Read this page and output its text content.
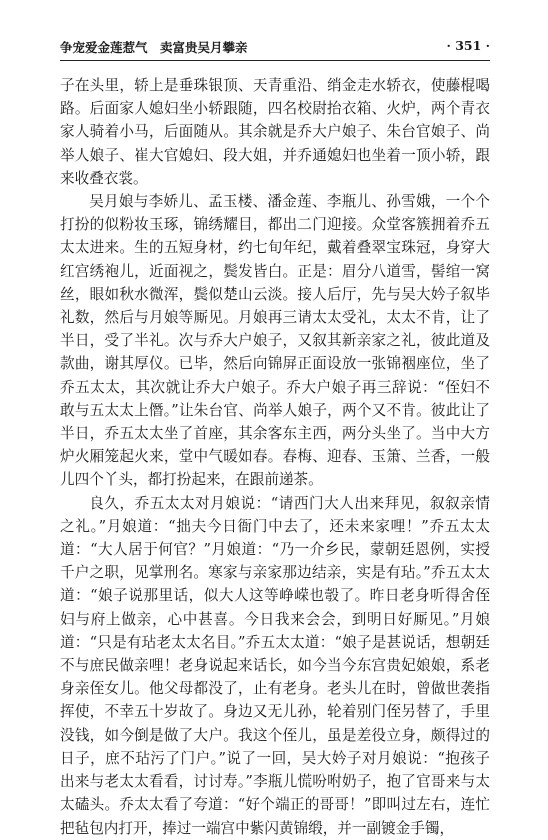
争宠爱金莲惹气　卖富贵吴月攀亲	· 351 ·

子在头里，轿上是垂珠银顶、天青重沿、绡金走水轿衣，使藤棍喝路。后面家人媳妇坐小轿跟随，四名校尉抬衣箱、火炉，两个青衣家人骑着小马，后面随从。其余就是乔大户娘子、朱台官娘子、尚举人娘子、崔大官媳妇、段大姐，并乔通媳妇也坐着一顶小轿，跟来收叠衣裳。

吴月娘与李娇儿、孟玉楼、潘金莲、李瓶儿、孙雪娥，一个个打扮的似粉妆玉琢，锦绣耀目，都出二门迎接。众堂客簇拥着乔五太太进来。生的五短身材，约七旬年纪，戴着叠翠宝珠冠，身穿大红宫绣袍儿，近面视之，鬓发皆白。正是：眉分八道雪，髻绾一窝丝，眼如秋水微浑，鬓似楚山云淡。接人后厅，先与吴大妗子叙毕礼数，然后与月娘等厮见。月娘再三请太太受礼，太太不肯，让了半日，受了半礼。次与乔大户娘子，又叙其新亲家之礼，彼此道及款曲，谢其厚仪。已毕，然后向锦屏正面设放一张锦裀座位，坐了乔五太太，其次就让乔大户娘子。乔大户娘子再三辞说：“侄妇不敢与五太太上僭。”让朱台官、尚举人娘子，两个又不肯。彼此让了半日，乔五太太坐了首座，其余客东主西，两分头坐了。当中大方炉火厢笼起火来，堂中气暖如春。春梅、迎春、玉箫、兰香，一般儿四个丫头，都打扮起来，在跟前递茶。

良久，乔五太太对月娘说：“请西门大人出来拜见，叙叙亲情之礼。”月娘道：“拙夫今日衙门中去了，还未来家哩！”乔五太太道：“大人居于何官？”月娘道：“乃一介乡民，蒙朝廷恩例，实授千户之职，见掌刑名。寒家与亲家那边结亲，实是有玷。”乔五太太道：“娘子说那里话，似大人这等峥嵘也彀了。昨日老身听得舍侄妇与府上做亲，心中甚喜。今日我来会会，到明日好厮见。”月娘道：“只是有玷老太太名目。”乔五太太道：“娘子是甚说话，想朝廷不与庶民做亲哩！老身说起来话长，如今当今东宫贵妃娘娘，系老身亲侄女儿。他父母都没了，止有老身。老头儿在时，曾做世袭指挥使，不幸五十岁故了。身边又无儿孙，轮着别门侄另替了，手里没钱，如今倒是做了大户。我这个侄儿，虽是差役立身，颇得过的日子，庶不玷污了门户。”说了一回，吴大妗子对月娘说：“抱孩子出来与老太太看看，讨讨寿。”李瓶儿慌吩咐奶子，抱了官哥来与太太磕头。乔太太看了夸道：“好个端正的哥哥！”即叫过左右，连忙把毡包内打开，捧过一端宫中紫闪黄锦缎，并一副镀金手镯，
